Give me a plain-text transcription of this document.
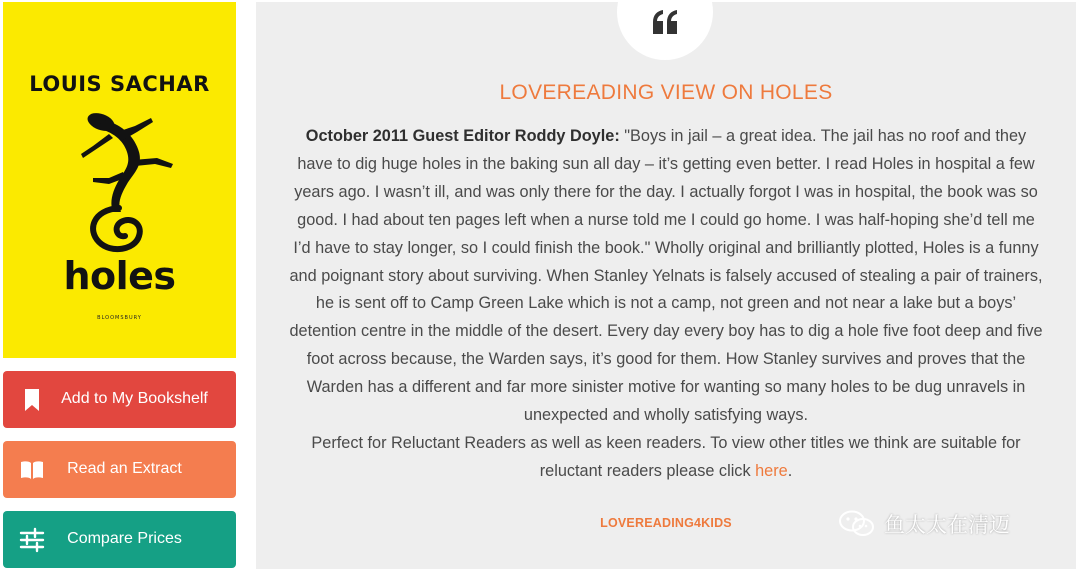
LOUIS SACHAR
holes
BLOOMSBURY
Add to My Bookshelf
Read an Extract
Compare Prices
LOVEREADING VIEW ON HOLES
October 2011 Guest Editor Roddy Doyle: "Boys in jail – a great idea. The jail has no roof and they have to dig huge holes in the baking sun all day – it’s getting even better. I read Holes in hospital a few years ago. I wasn’t ill, and was only there for the day. I actually forgot I was in hospital, the book was so good. I had about ten pages left when a nurse told me I could go home. I was half-hoping she’d tell me I’d have to stay longer, so I could finish the book." Wholly original and brilliantly plotted, Holes is a funny and poignant story about surviving. When Stanley Yelnats is falsely accused of stealing a pair of trainers, he is sent off to Camp Green Lake which is not a camp, not green and not near a lake but a boys’ detention centre in the middle of the desert. Every day every boy has to dig a hole five foot deep and five foot across because, the Warden says, it’s good for them. How Stanley survives and proves that the Warden has a different and far more sinister motive for wanting so many holes to be dug unravels in unexpected and wholly satisfying ways.
Perfect for Reluctant Readers as well as keen readers. To view other titles we think are suitable for reluctant readers please click here.
LOVEREADING4KIDS	鱼太太在清迈
